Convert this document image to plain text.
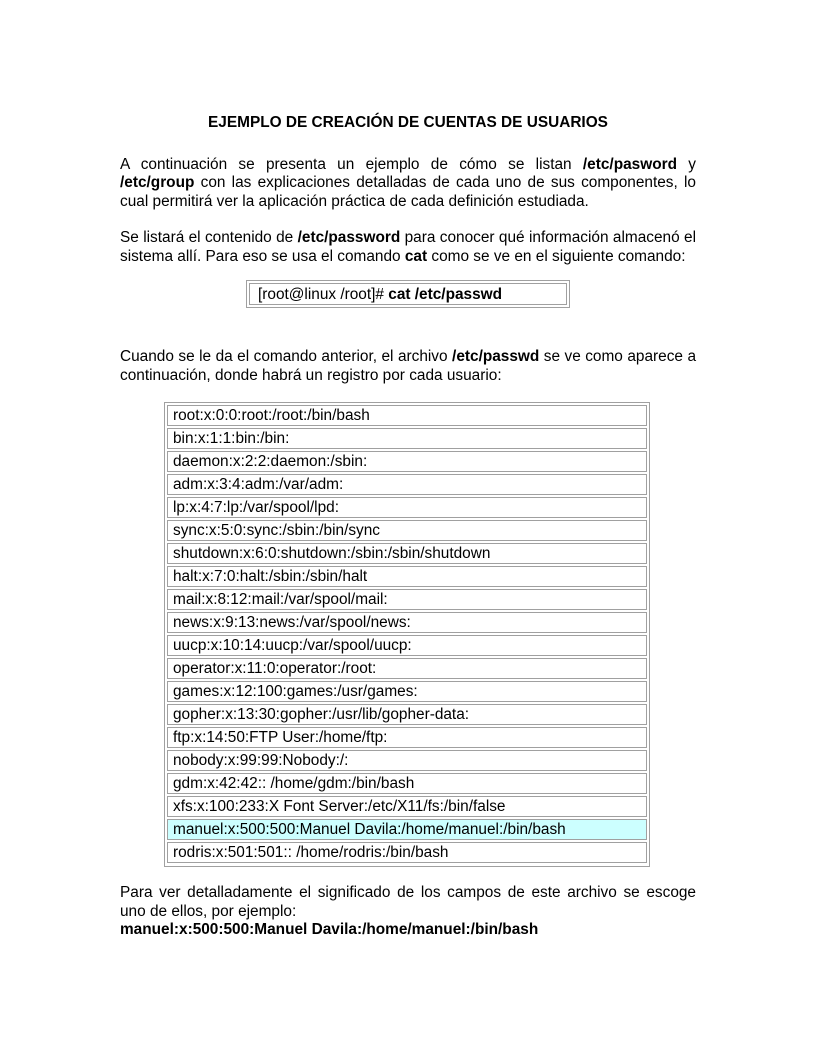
EJEMPLO DE CREACIÓN DE CUENTAS DE USUARIOS

A continuación se presenta un ejemplo de cómo se listan /etc/pasword y /etc/group con las explicaciones detalladas de cada uno de sus componentes, lo cual permitirá ver la aplicación práctica de cada definición estudiada.

Se listará el contenido de /etc/password para conocer qué información almacenó el sistema allí. Para eso se usa el comando cat como se ve en el siguiente comando:

[root@linux /root]# cat /etc/passwd

Cuando se le da el comando anterior, el archivo /etc/passwd se ve como aparece a continuación, donde habrá un registro por cada usuario:

root:x:0:0:root:/root:/bin/bash
bin:x:1:1:bin:/bin:
daemon:x:2:2:daemon:/sbin:
adm:x:3:4:adm:/var/adm:
lp:x:4:7:lp:/var/spool/lpd:
sync:x:5:0:sync:/sbin:/bin/sync
shutdown:x:6:0:shutdown:/sbin:/sbin/shutdown
halt:x:7:0:halt:/sbin:/sbin/halt
mail:x:8:12:mail:/var/spool/mail:
news:x:9:13:news:/var/spool/news:
uucp:x:10:14:uucp:/var/spool/uucp:
operator:x:11:0:operator:/root:
games:x:12:100:games:/usr/games:
gopher:x:13:30:gopher:/usr/lib/gopher-data:
ftp:x:14:50:FTP User:/home/ftp:
nobody:x:99:99:Nobody:/:
gdm:x:42:42:: /home/gdm:/bin/bash
xfs:x:100:233:X Font Server:/etc/X11/fs:/bin/false
manuel:x:500:500:Manuel Davila:/home/manuel:/bin/bash
rodris:x:501:501:: /home/rodris:/bin/bash

Para ver detalladamente el significado de los campos de este archivo se escoge uno de ellos, por ejemplo:

manuel:x:500:500:Manuel Davila:/home/manuel:/bin/bash
